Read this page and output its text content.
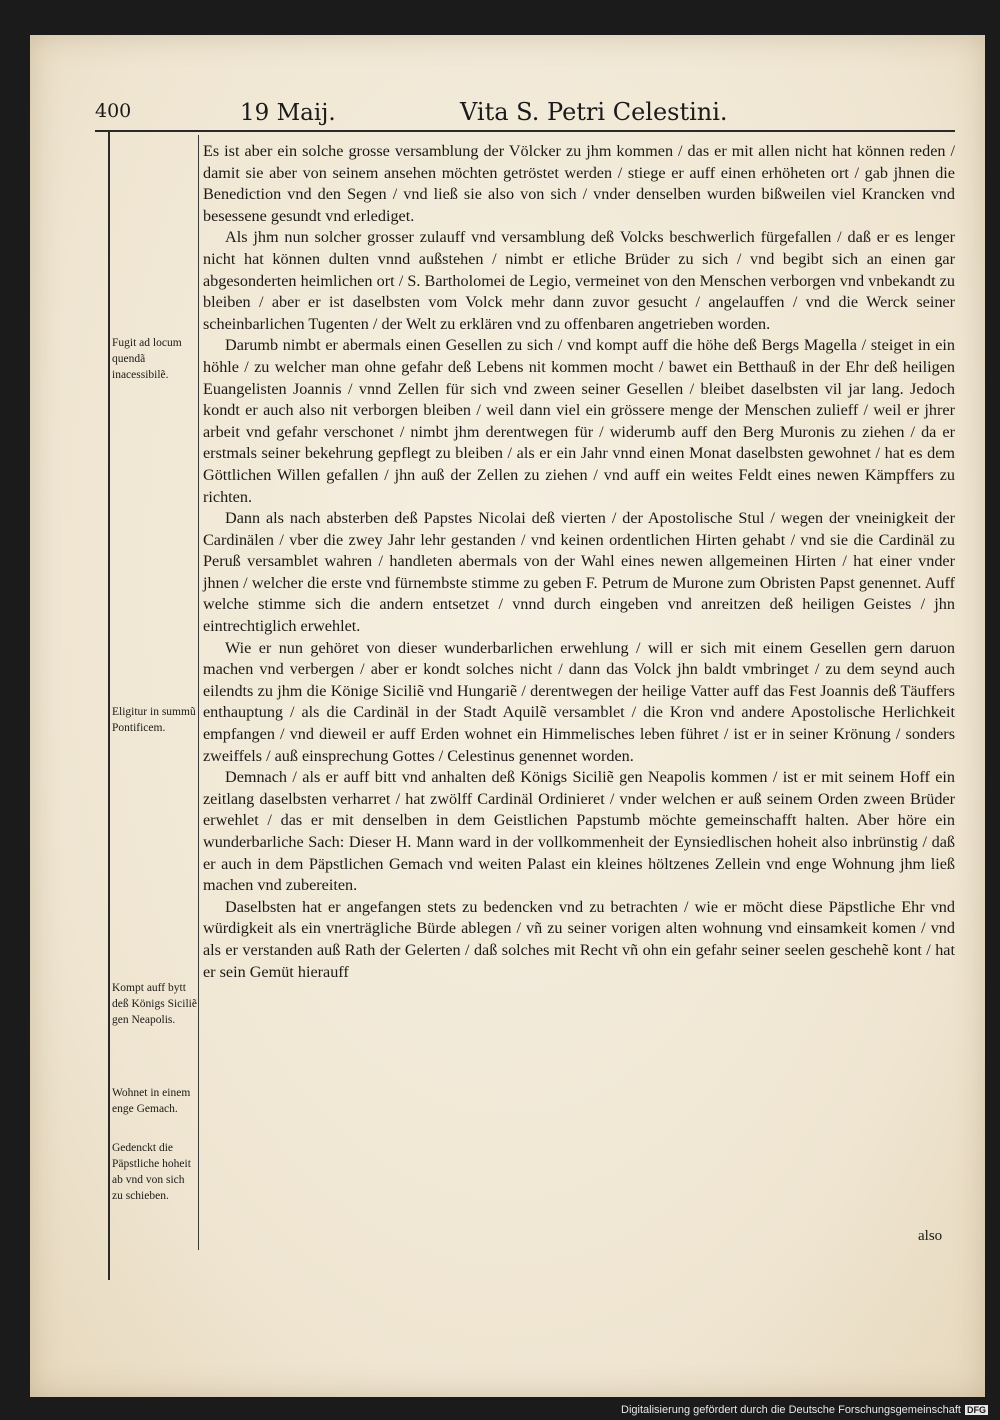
400	19 Maij.	Vita S. Petri Celestini.
Fugit ad locum quendã inacessibilẽ.
Eligitur in summũ Pontificem.
Kompt auff bytt deß Königs Siciliẽ gen Neapolis.
Wohnet in einem enge Gemach.
Gedenckt die Päpstliche hoheit ab vnd von sich zu schieben.

Es ist aber ein solche grosse versamblung der Völcker zu jhm kommen / das er mit allen nicht hat können reden / damit sie aber von seinem ansehen möchten getröstet werden / stiege er auff einen erhöheten ort / gab jhnen die Benediction vnd den Segen / vnd ließ sie also von sich / vnder denselben wurden bißweilen viel Krancken vnd besessene gesundt vnd erlediget.

Als jhm nun solcher grosser zulauff vnd versamblung deß Volcks beschwerlich fürgefallen / daß er es lenger nicht hat können dulten vnnd außstehen / nimbt er etliche Brüder zu sich / vnd begibt sich an einen gar abgesonderten heimlichen ort / S. Bartholomei de Legio, vermeinet von den Menschen verborgen vnd vnbekandt zu bleiben / aber er ist daselbsten vom Volck mehr dann zuvor gesucht / angelauffen / vnd die Werck seiner scheinbarlichen Tugenten / der Welt zu erklären vnd zu offenbaren angetrieben worden.

Darumb nimbt er abermals einen Gesellen zu sich / vnd kompt auff die höhe deß Bergs Magella / steiget in ein höhle / zu welcher man ohne gefahr deß Lebens nit kommen mocht / bawet ein Betthauß in der Ehr deß heiligen Euangelisten Joannis / vnnd Zellen für sich vnd zween seiner Gesellen / bleibet daselbsten vil jar lang. Jedoch kondt er auch also nit verborgen bleiben / weil dann viel ein grössere menge der Menschen zulieff / weil er jhrer arbeit vnd gefahr verschonet / nimbt jhm derentwegen für / widerumb auff den Berg Muronis zu ziehen / da er erstmals seiner bekehrung gepflegt zu bleiben / als er ein Jahr vnnd einen Monat daselbsten gewohnet / hat es dem Göttlichen Willen gefallen / jhn auß der Zellen zu ziehen / vnd auff ein weites Feldt eines newen Kämpffers zu richten.

Dann als nach absterben deß Papstes Nicolai deß vierten / der Apostolische Stul / wegen der vneinigkeit der Cardinälen / vber die zwey Jahr lehr gestanden / vnd keinen ordentlichen Hirten gehabt / vnd sie die Cardinäl zu Peruß versamblet wahren / handleten abermals von der Wahl eines newen allgemeinen Hirten / hat einer vnder jhnen / welcher die erste vnd fürnembste stimme zu geben F. Petrum de Murone zum Obristen Papst genennet. Auff welche stimme sich die andern entsetzet / vnnd durch eingeben vnd anreitzen deß heiligen Geistes / jhn eintrechtiglich erwehlet.

Wie er nun gehöret von dieser wunderbarlichen erwehlung / will er sich mit einem Gesellen gern daruon machen vnd verbergen / aber er kondt solches nicht / dann das Volck jhn baldt vmbringet / zu dem seynd auch eilendts zu jhm die Könige Siciliẽ vnd Hungariẽ / derentwegen der heilige Vatter auff das Fest Joannis deß Täuffers enthauptung / als die Cardinäl in der Stadt Aquilẽ versamblet / die Kron vnd andere Apostolische Herlichkeit empfangen / vnd dieweil er auff Erden wohnet ein Himmelisches leben führet / ist er in seiner Krönung / sonders zweiffels / auß einsprechung Gottes / Celestinus genennet worden.

Demnach / als er auff bitt vnd anhalten deß Königs Siciliẽ gen Neapolis kommen / ist er mit seinem Hoff ein zeitlang daselbsten verharret / hat zwölff Cardinäl Ordinieret / vnder welchen er auß seinem Orden zween Brüder erwehlet / das er mit denselben in dem Geistlichen Papstumb möchte gemeinschafft halten. Aber höre ein wunderbarliche Sach: Dieser H. Mann ward in der vollkommenheit der Eynsiedlischen hoheit also inbrünstig / daß er auch in dem Päpstlichen Gemach vnd weiten Palast ein kleines höltzenes Zellein vnd enge Wohnung jhm ließ machen vnd zubereiten.

Daselbsten hat er angefangen stets zu bedencken vnd zu betrachten / wie er möcht diese Päpstliche Ehr vnd würdigkeit als ein vnerträgliche Bürde ablegen / vñ zu seiner vorigen alten wohnung vnd einsamkeit komen / vnd als er verstanden auß Rath der Gelerten / daß solches mit Recht vñ ohn ein gefahr seiner seelen geschehẽ kont / hat er sein Gemüt hierauff

also
Digitalisierung gefördert durch die Deutsche Forschungsgemeinschaft DFG
